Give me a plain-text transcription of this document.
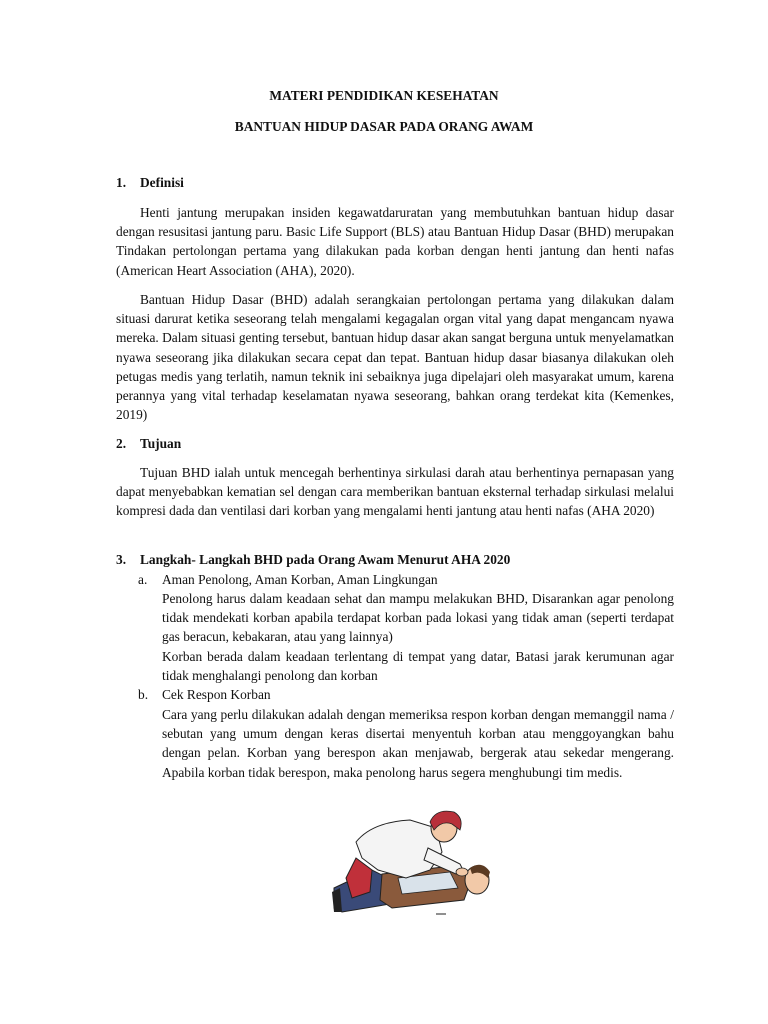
MATERI PENDIDIKAN KESEHATAN
BANTUAN HIDUP DASAR PADA ORANG AWAM
1. Definisi

Henti jantung merupakan insiden kegawatdaruratan yang membutuhkan bantuan hidup dasar dengan resusitasi jantung paru. Basic Life Support (BLS) atau Bantuan Hidup Dasar (BHD) merupakan Tindakan pertolongan pertama yang dilakukan pada korban dengan henti jantung dan henti nafas (American Heart Association (AHA), 2020).

Bantuan Hidup Dasar (BHD) adalah serangkaian pertolongan pertama yang dilakukan dalam situasi darurat ketika seseorang telah mengalami kegagalan organ vital yang dapat mengancam nyawa mereka. Dalam situasi genting tersebut, bantuan hidup dasar akan sangat berguna untuk menyelamatkan nyawa seseorang jika dilakukan secara cepat dan tepat. Bantuan hidup dasar biasanya dilakukan oleh petugas medis yang terlatih, namun teknik ini sebaiknya juga dipelajari oleh masyarakat umum, karena perannya yang vital terhadap keselamatan nyawa seseorang, bahkan orang terdekat kita (Kemenkes, 2019)

2. Tujuan

Tujuan BHD ialah untuk mencegah berhentinya sirkulasi darah atau berhentinya pernapasan yang dapat menyebabkan kematian sel dengan cara memberikan bantuan eksternal terhadap sirkulasi melalui kompresi dada dan ventilasi dari korban yang mengalami henti jantung atau henti nafas (AHA 2020)

3. Langkah- Langkah BHD pada Orang Awam Menurut AHA 2020
a. Aman Penolong, Aman Korban, Aman Lingkungan

Penolong harus dalam keadaan sehat dan mampu melakukan BHD, Disarankan agar penolong tidak mendekati korban apabila terdapat korban pada lokasi yang tidak aman (seperti terdapat gas beracun, kebakaran, atau yang lainnya)

Korban berada dalam keadaan terlentang di tempat yang datar, Batasi jarak kerumunan agar tidak menghalangi penolong dan korban

b. Cek Respon Korban

Cara yang perlu dilakukan adalah dengan memeriksa respon korban dengan memanggil nama / sebutan yang umum dengan keras disertai menyentuh korban atau menggoyangkan bahu dengan pelan. Korban yang berespon akan menjawab, bergerak atau sekedar mengerang. Apabila korban tidak berespon, maka penolong harus segera menghubungi tim medis.
